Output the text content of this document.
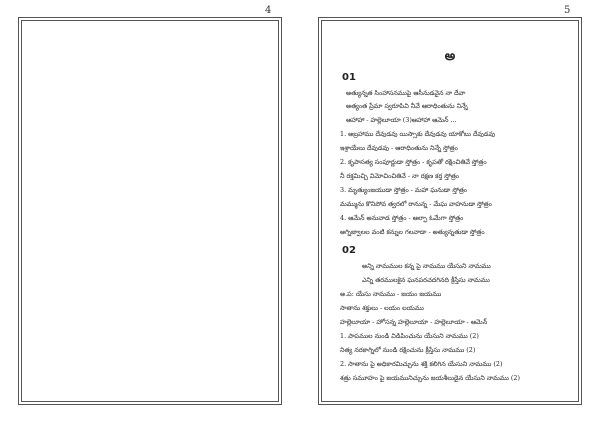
4	5
అ
01
అత్యున్నత సింహాసనముపై ఆసీనుడవైన నా దేవా
అత్యంత ప్రేమా స్వరూపివి నీవే ఆరాధింతును నిన్నే
ఆహాహా - హల్లెలూయా (3)ఆహాహా ఆమెన్ ...
1. అబ్రహాము దేవుడవు యిస్సాకు దేవుడవు యాకోబు దేవుడవు
ఇశ్రాయేలు దేవుడవు - ఆరాధింతును నిన్నే స్తోత్రం
2. కృపాసత్య సంపూర్ణుడా స్తోత్రం - కృపతో రక్షించితివే స్తోత్రం
నీ రక్తమిచ్చి విమోచించితివే - నా రక్షణ కర్త స్తోత్రం
3. మృత్యుంజయుడా స్తోత్రం - మహా ఘనుడా స్తోత్రం
మమ్మును కొనిపోవ త్వరలో రానున్న - మేఘ వాహనుడా స్తోత్రం
4. ఆమేన్ అనువాడ స్తోత్రం - ఆల్ఫా ఓమేగా స్తోత్రం
అగ్నిజ్వాలల వంటి కన్నుల గలవాడా - అత్యున్నతుడా స్తోత్రం
02
అన్ని నామముల కన్న పై నామము యేసుని నామము
ఎన్ని తరములకైన ఘనపరచదగినది క్రీస్తేసు నామము
అ.ప: యేసు నామము - జయం జయము
సాతాను శక్తులు - లయం లయము
హల్లెలూయా - హోసన్న హల్లెలూయా - హల్లెలూయా - ఆమెన్
1. పాపముల నుండి విడిపించును యేసుని నామము (2)
నిత్య నరకాగ్నిలో నుండి రక్షించును క్రీస్తేసు నామము (2)
2. సాతాను పై అధికారమిచ్చును శక్తి కలిగిన యేసుని నామము (2)
శత్రు సమూహం పై జయమునిచ్చును జయశీలుడైన యేసుని నామము (2)
